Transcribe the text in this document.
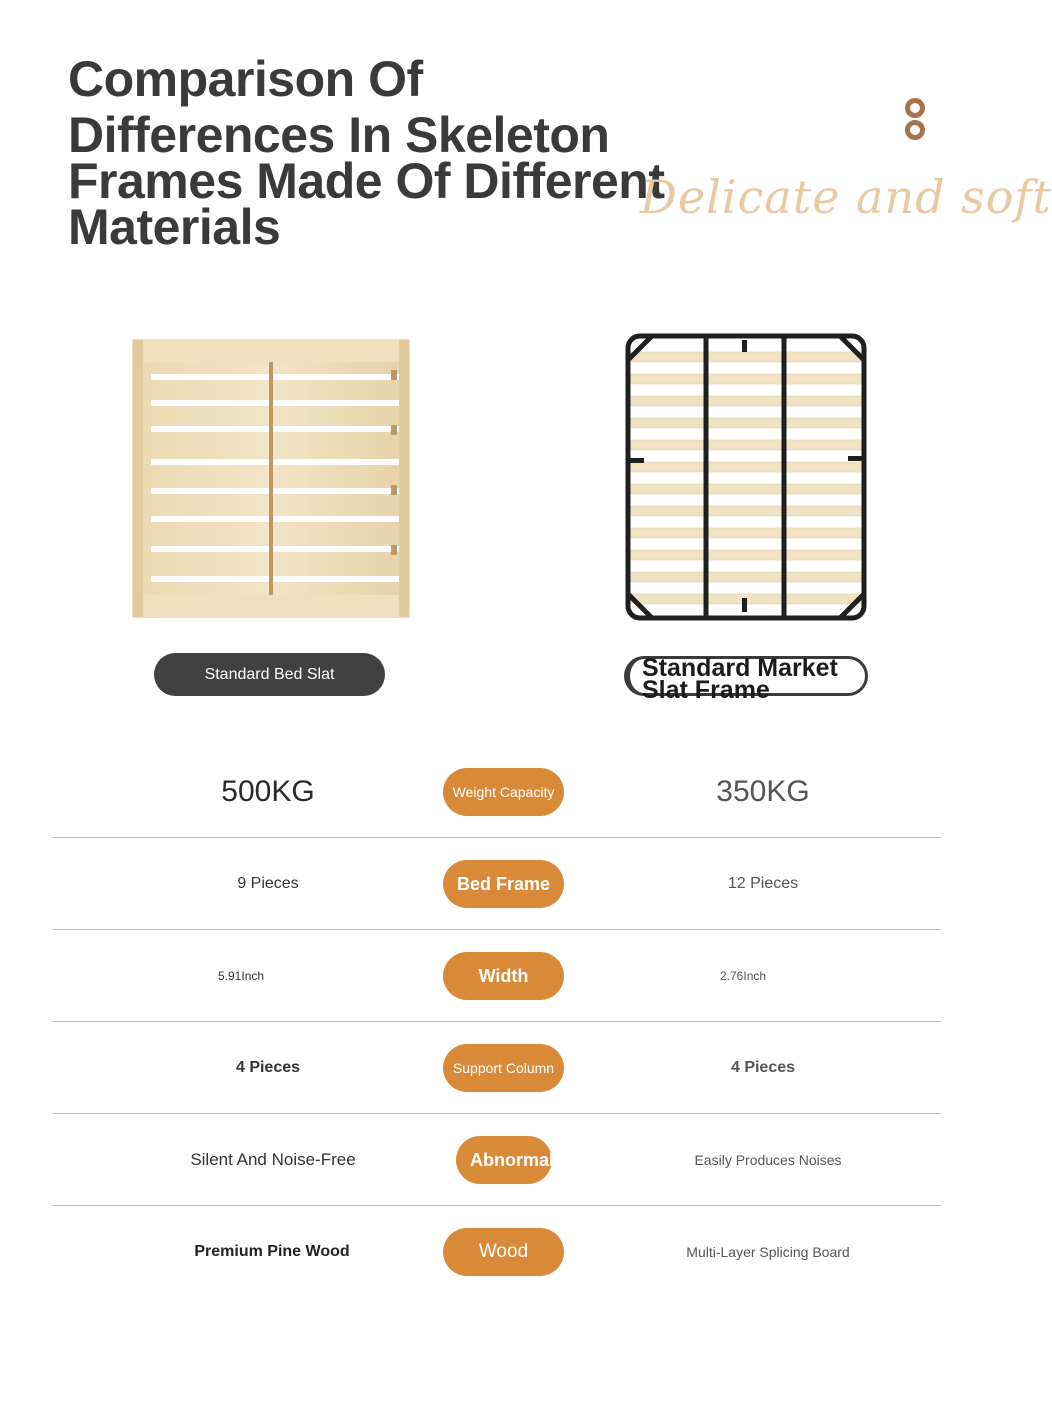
Comparison Of
Differences In Skeleton Frames Made Of Different Materials
Delicate and soft
Standard Bed Slat	Standard Market Slat Frame
500KG	Weight Capacity	350KG
9 Pieces	Bed Frame	12 Pieces
5.91Inch	Width	2.76Inch
4 Pieces	Support Column	4 Pieces
Silent And Noise-Free	Abnormal Noise	Easily Produces Noises
Premium Pine Wood	Wood	Multi-Layer Splicing Board
